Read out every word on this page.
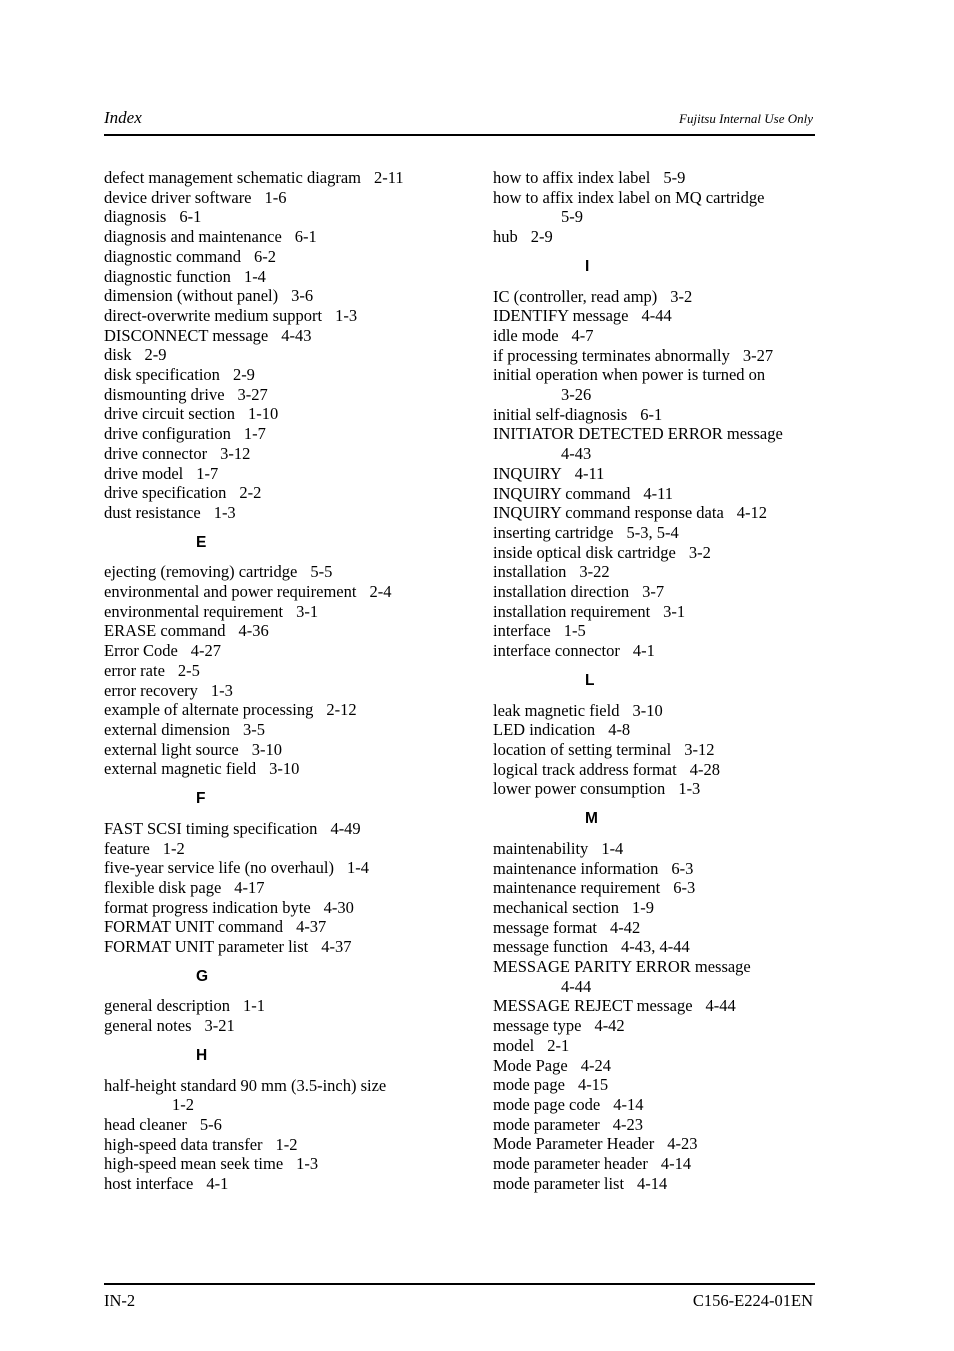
Index	Fujitsu Internal Use Only
defect management schematic diagram 2-11
device driver software 1-6
diagnosis 6-1
diagnosis and maintenance 6-1
diagnostic command 6-2
diagnostic function 1-4
dimension (without panel) 3-6
direct-overwrite medium support 1-3
DISCONNECT message 4-43
disk 2-9
disk specification 2-9
dismounting drive 3-27
drive circuit section 1-10
drive configuration 1-7
drive connector 3-12
drive model 1-7
drive specification 2-2
dust resistance 1-3
E
ejecting (removing) cartridge 5-5
environmental and power requirement 2-4
environmental requirement 3-1
ERASE command 4-36
Error Code 4-27
error rate 2-5
error recovery 1-3
example of alternate processing 2-12
external dimension 3-5
external light source 3-10
external magnetic field 3-10
F
FAST SCSI timing specification 4-49
feature 1-2
five-year service life (no overhaul) 1-4
flexible disk page 4-17
format progress indication byte 4-30
FORMAT UNIT command 4-37
FORMAT UNIT parameter list 4-37
G
general description 1-1
general notes 3-21
H
half-height standard 90 mm (3.5-inch) size
1-2
head cleaner 5-6
high-speed data transfer 1-2
high-speed mean seek time 1-3
host interface 4-1
how to affix index label 5-9
how to affix index label on MQ cartridge
5-9
hub 2-9
I
IC (controller, read amp) 3-2
IDENTIFY message 4-44
idle mode 4-7
if processing terminates abnormally 3-27
initial operation when power is turned on
3-26
initial self-diagnosis 6-1
INITIATOR DETECTED ERROR message
4-43
INQUIRY 4-11
INQUIRY command 4-11
INQUIRY command response data 4-12
inserting cartridge 5-3, 5-4
inside optical disk cartridge 3-2
installation 3-22
installation direction 3-7
installation requirement 3-1
interface 1-5
interface connector 4-1
L
leak magnetic field 3-10
LED indication 4-8
location of setting terminal 3-12
logical track address format 4-28
lower power consumption 1-3
M
maintenability 1-4
maintenance information 6-3
maintenance requirement 6-3
mechanical section 1-9
message format 4-42
message function 4-43, 4-44
MESSAGE PARITY ERROR message
4-44
MESSAGE REJECT message 4-44
message type 4-42
model 2-1
Mode Page 4-24
mode page 4-15
mode page code 4-14
mode parameter 4-23
Mode Parameter Header 4-23
mode parameter header 4-14
mode parameter list 4-14
IN-2	C156-E224-01EN
